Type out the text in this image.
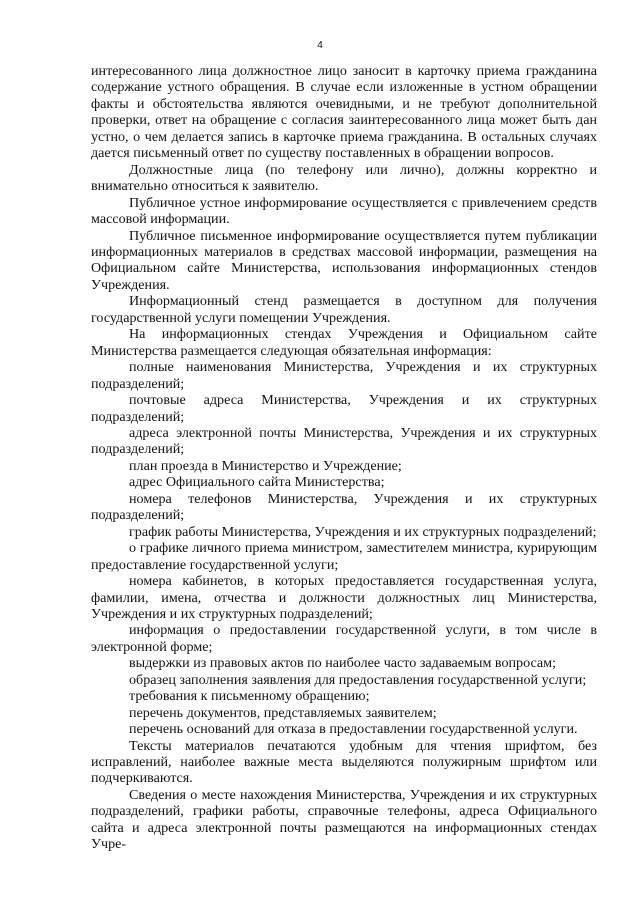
4

интересованного лица должностное лицо заносит в карточку приема гражданина содержание устного обращения. В случае если изложенные в устном обращении факты и обстоятельства являются очевидными, и не требуют дополнительной проверки, ответ на обращение с согласия заинтересованного лица может быть дан устно, о чем делается запись в карточке приема гражданина. В остальных случаях дается письменный ответ по существу поставленных в обращении вопросов.

Должностные лица (по телефону или лично), должны корректно и внимательно относиться к заявителю.

Публичное устное информирование осуществляется с привлечением средств массовой информации.

Публичное письменное информирование осуществляется путем публикации информационных материалов в средствах массовой информации, размещения на Официальном сайте Министерства, использования информационных стендов Учреждения.

Информационный стенд размещается в доступном для получения государственной услуги помещении Учреждения.

На информационных стендах Учреждения и Официальном сайте Министерства размещается следующая обязательная информация:

полные наименования Министерства, Учреждения и их структурных подразделений;

почтовые адреса Министерства, Учреждения и их структурных подразделений;

адреса электронной почты Министерства, Учреждения и их структурных подразделений;

план проезда в Министерство и Учреждение;

адрес Официального сайта Министерства;

номера телефонов Министерства, Учреждения и их структурных подразделений;

график работы Министерства, Учреждения и их структурных подразделений;

о графике личного приема министром, заместителем министра, курирующим предоставление государственной услуги;

номера кабинетов, в которых предоставляется государственная услуга, фамилии, имена, отчества и должности должностных лиц Министерства, Учреждения и их структурных подразделений;

информация о предоставлении государственной услуги, в том числе в электронной форме;

выдержки из правовых актов по наиболее часто задаваемым вопросам;

образец заполнения заявления для предоставления государственной услуги;

требования к письменному обращению;

перечень документов, представляемых заявителем;

перечень оснований для отказа в предоставлении государственной услуги.

Тексты материалов печатаются удобным для чтения шрифтом, без исправлений, наиболее важные места выделяются полужирным шрифтом или подчеркиваются.

Сведения о месте нахождения Министерства, Учреждения и их структурных подразделений, графики работы, справочные телефоны, адреса Официального сайта и адреса электронной почты размещаются на информационных стендах Учре-
